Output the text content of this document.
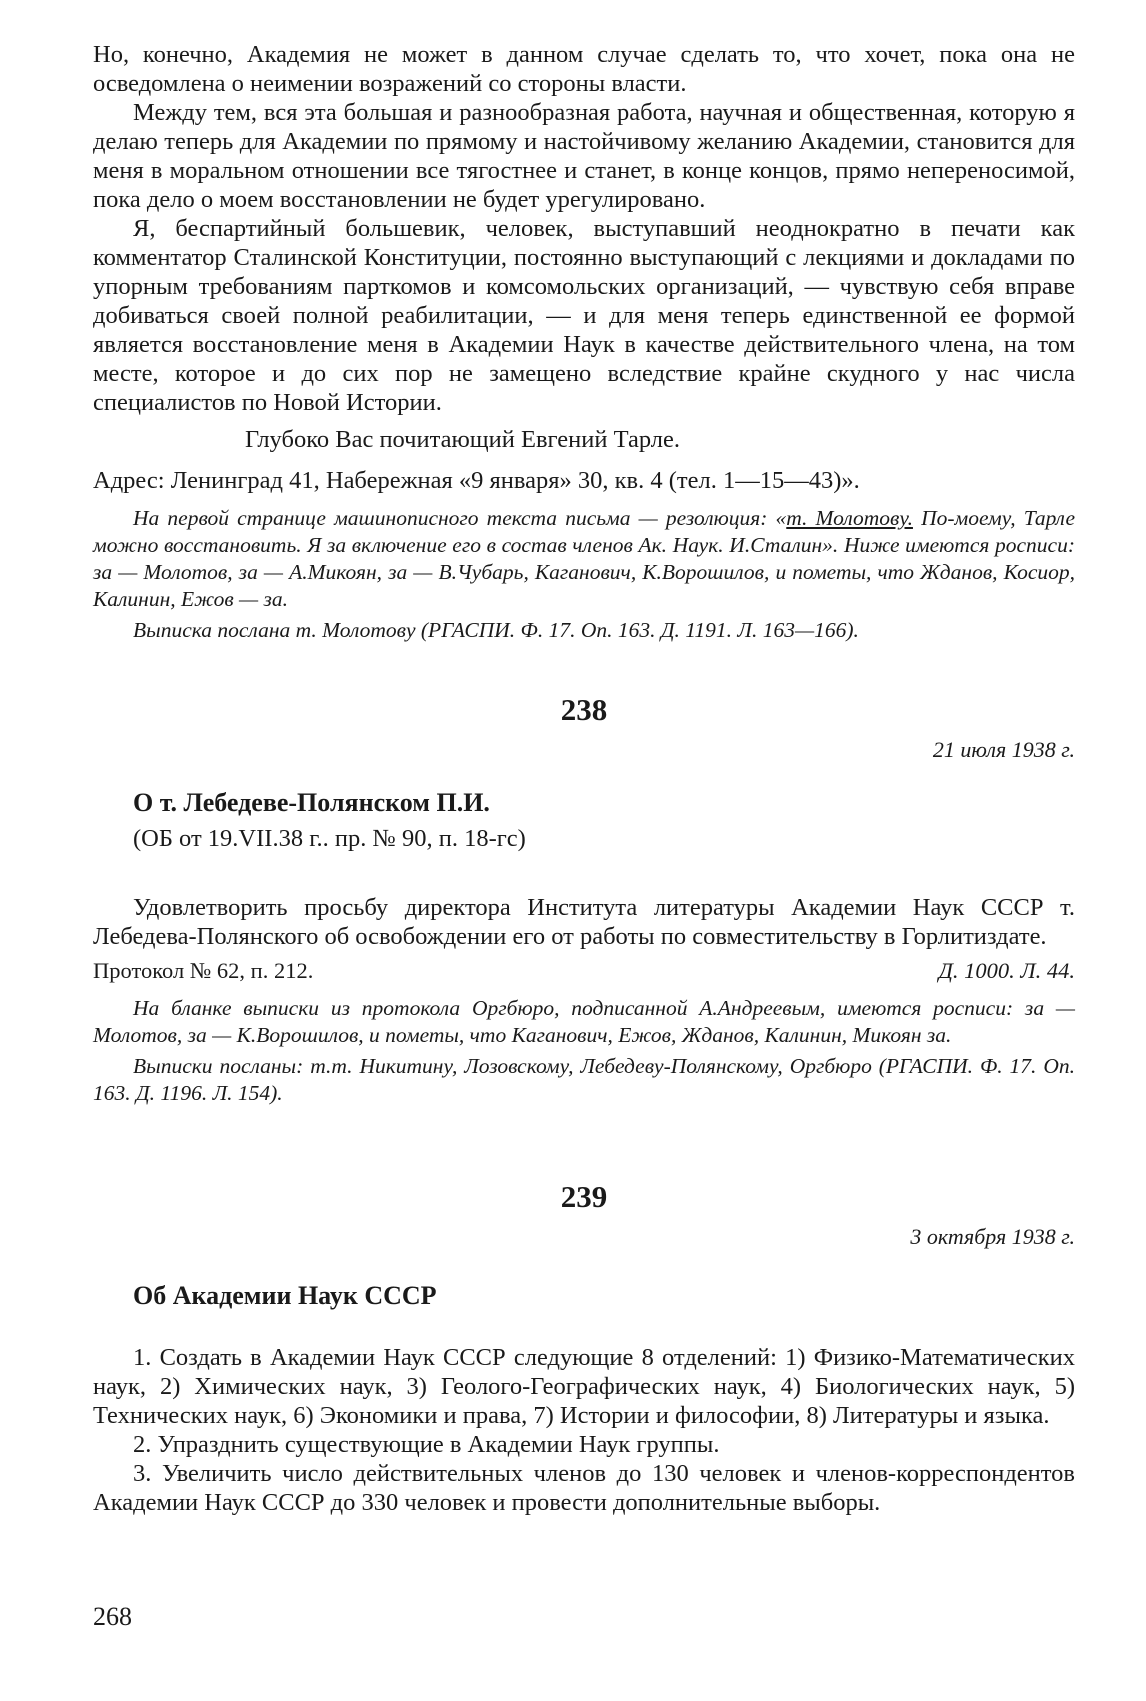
Но, конечно, Академия не может в данном случае сделать то, что хочет, пока она не осведомлена о неимении возражений со стороны власти.

Между тем, вся эта большая и разнообразная работа, научная и общественная, которую я делаю теперь для Академии по прямому и настойчивому желанию Академии, становится для меня в моральном отношении все тягостнее и станет, в конце концов, прямо непереносимой, пока дело о моем восстановлении не будет урегулировано.

Я, беспартийный большевик, человек, выступавший неоднократно в печати как комментатор Сталинской Конституции, постоянно выступающий с лекциями и докладами по упорным требованиям парткомов и комсомольских организаций, — чувствую себя вправе добиваться своей полной реабилитации, — и для меня теперь единственной ее формой является восстановление меня в Академии Наук в качестве действительного члена, на том месте, которое и до сих пор не замещено вследствие крайне скудного у нас числа специалистов по Новой Истории.

Глубоко Вас почитающий Евгений Тарле.

Адрес: Ленинград 41, Набережная «9 января» 30, кв. 4 (тел. 1—15—43)».

На первой странице машинописного текста письма — резолюция: «т. Молотову. По-моему, Тарле можно восстановить. Я за включение его в состав членов Ак. Наук. И.Сталин». Ниже имеются росписи: за — Молотов, за — А.Микоян, за — В.Чубарь, Каганович, К.Ворошилов, и пометы, что Жданов, Косиор, Калинин, Ежов — за.

Выписка послана т. Молотову (РГАСПИ. Ф. 17. Оп. 163. Д. 1191. Л. 163—166).

238

21 июля 1938 г.

О т. Лебедеве-Полянском П.И.

(ОБ от 19.VII.38 г.. пр. № 90, п. 18-гс)

Удовлетворить просьбу директора Института литературы Академии Наук СССР т. Лебедева-Полянского об освобождении его от работы по совместительству в Горлитиздате.

Протокол № 62, п. 212.	Д. 1000. Л. 44.

На бланке выписки из протокола Оргбюро, подписанной А.Андреевым, имеются росписи: за — Молотов, за — К.Ворошилов, и пометы, что Каганович, Ежов, Жданов, Калинин, Микоян за.

Выписки посланы: т.т. Никитину, Лозовскому, Лебедеву-Полянскому, Оргбюро (РГАСПИ. Ф. 17. Оп. 163. Д. 1196. Л. 154).

239

3 октября 1938 г.

Об Академии Наук СССР

1. Создать в Академии Наук СССР следующие 8 отделений: 1) Физико-Математических наук, 2) Химических наук, 3) Геолого-Географических наук, 4) Биологических наук, 5) Технических наук, 6) Экономики и права, 7) Истории и философии, 8) Литературы и языка.

2. Упразднить существующие в Академии Наук группы.

3. Увеличить число действительных членов до 130 человек и членов-корреспондентов Академии Наук СССР до 330 человек и провести дополнительные выборы.

268
